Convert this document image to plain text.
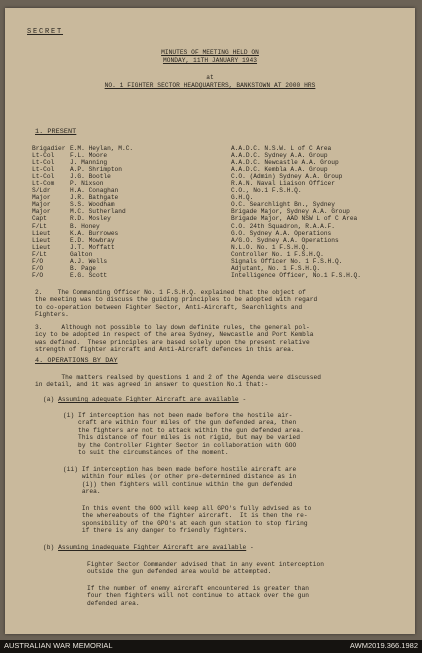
SECRET
MINUTES OF MEETING HELD ON
MONDAY, 11TH JANUARY 1943
at
NO. 1 FIGHTER SECTOR HEADQUARTERS, BANKSTOWN AT 2000 HRS
1. PRESENT
Brigadier E.M. Heylan, M.C.	A.A.D.C. N.S.W. L of C Area
Lt-Col	F.L. Moore	A.A.D.C. Sydney A.A. Group
Lt-Col	J. Manning	A.A.D.C. Newcastle A.A. Group
Lt-Col	A.P. Shrimpton	A.A.D.C. Kembla A.A. Group
Lt-Col	J.G. Bootle	C.O. (Admin) Sydney A.A. Group
Lt-Com	P. Nixson	R.A.N. Naval Liaison Officer
S/Ldr	H.A. Conaghan	C.O., No.1 F.S.H.Q.
Major	J.R. Bathgate	G.H.Q.
Major	S.S. Woodham	O.C. Searchlight Bn., Sydney
Major	M.C. Sutherland	Brigade Major, Sydney A.A. Group
Capt	R.D. Mosley	Brigade Major, AAD NSW L of C Area
F/Lt	B. Honey	C.O. 24th Squadron, R.A.A.F.
Lieut	K.A. Burrowes	G.O. Sydney A.A. Operations
Lieut	E.D. Mowbray	A/G.O. Sydney A.A. Operations
Lieut	J.T. Moffatt	N.L.O. No. 1 F.S.H.Q.
F/Lt	Galton	Controller No. 1 F.S.H.Q.
F/O	A.J. Wells	Signals Officer No. 1 F.S.H.Q.
F/O	B. Page	Adjutant, No. 1 F.S.H.Q.
F/O	E.G. Scott	Intelligence Officer, No.1 F.S.H.Q.
2.    The Commanding Officer No. 1 F.S.H.Q. explained that the object of
the meeting was to discuss the guiding principles to be adopted with regard
to co-operation between Fighter Sector, Anti-Aircraft, Searchlights and
Fighters.
3.     Although not possible to lay down definite rules, the general pol-
icy to be adopted in respect of the area Sydney, Newcastle and Port Kembla
was defined.  These principles are based solely upon the present relative
strength of fighter aircraft and Anti-Aircraft defences in this area.
4. OPERATIONS BY DAY
The matters realsed by questions 1 and 2 of the Agenda were discussed
in detail, and it was agreed in answer to question No.1 that:-
(a) Assuming adequate Fighter Aircraft are available -
(i) If interception has not been made before the hostile air-
craft are within four miles of the gun defended area, then
the fighters are not to attack within the gun defended area.
This distance of four miles is not rigid, but may be varied
by the Controller Fighter Sector in collaboration with GOO
to suit the circumstances of the moment.
(ii) If interception has been made before hostile aircraft are
within four miles (or other pre-determined distance as in
(i)) then fighters will continue within the gun defended
area.
In this event the GOO will keep all GPO's fully advised as to
the whereabouts of the fighter aircraft.  It is then the re-
sponsibility of the GPO's at each gun station to stop firing
if there is any danger to friendly fighters.
(b) Assuming inadequate Fighter Aircraft are available -
Fighter Sector Commander advised that in any event interception
outside the gun defended area would be attempted.
If the number of enemy aircraft encountered is greater than
four then fighters will not continue to attack over the gun
defended area.
AUSTRALIAN WAR MEMORIAL	AWM2019.366.1982
